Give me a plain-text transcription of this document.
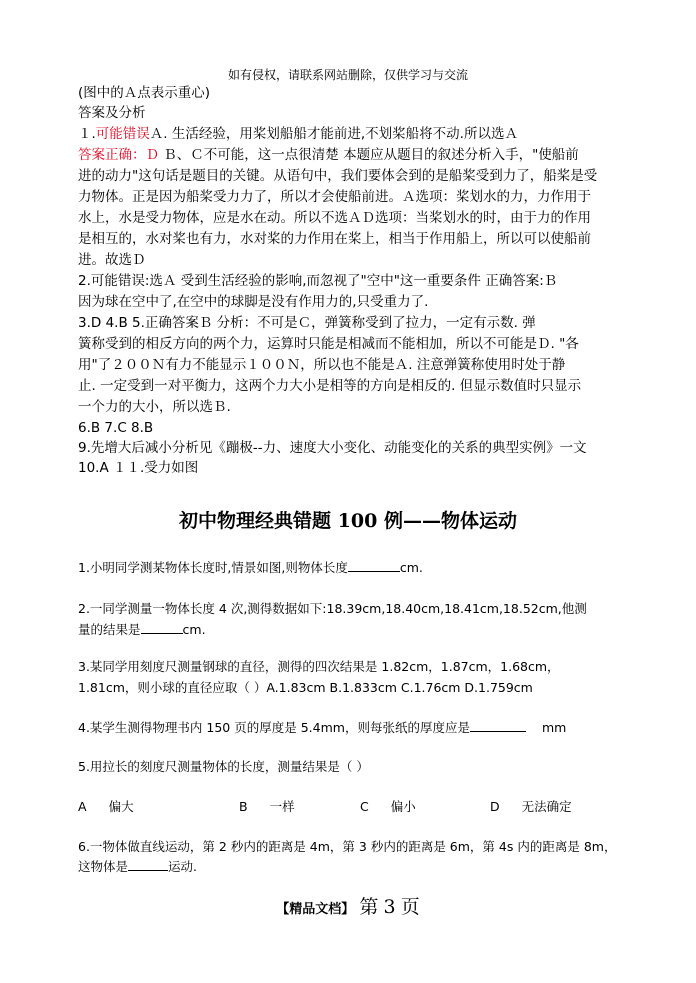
如有侵权，请联系网站删除，仅供学习与交流
(图中的Ａ点表示重心)
答案及分析
１.可能错误Ａ. 生活经验，用桨划船船才能前进,不划桨船将不动.所以选Ａ
答案正确：Ｄ Ｂ、Ｃ不可能，这一点很清楚 本题应从题目的叙述分析入手，"使船前
进的动力"这句话是题目的关键。从语句中，我们要体会到的是船桨受到力了，船桨是受
力物体。正是因为船桨受力力了，所以才会使船前进。Ａ选项：桨划水的力，力作用于
水上，水是受力物体，应是水在动。所以不选ＡＤ选项：当桨划水的时，由于力的作用
是相互的，水对桨也有力，水对桨的力作用在桨上，相当于作用船上，所以可以使船前
进。故选Ｄ
2.可能错误:选Ａ 受到生活经验的影响,而忽视了"空中"这一重要条件 正确答案:Ｂ
因为球在空中了,在空中的球脚是没有作用力的,只受重力了.
3.D 4.B 5.正确答案Ｂ 分析：不可是Ｃ，弹簧称受到了拉力，一定有示数. 弹
簧称受到的相反方向的两个力，运算时只能是相减而不能相加，所以不可能是Ｄ. "各
用"了２００Ｎ有力不能显示１００Ｎ，所以也不能是Ａ. 注意弹簧称使用时处于静
止. 一定受到一对平衡力，这两个力大小是相等的方向是相反的. 但显示数值时只显示
一个力的大小，所以选Ｂ.
6.B 7.C 8.B
9.先增大后减小分析见《蹦极--力、速度大小变化、动能变化的关系的典型实例》一文
10.A １１.受力如图
初中物理经典错题 100 例——物体运动
1.小明同学测某物体长度时,情景如图,则物体长度	cm.
2.一同学测量一物体长度 4 次,测得数据如下:18.39cm,18.40cm,18.41cm,18.52cm,他测
量的结果是	cm.
3.某同学用刻度尺测量钢球的直径，测得的四次结果是 1.82cm，1.87cm，1.68cm，
1.81cm，则小球的直径应取（ ）A.1.83cm B.1.833cm C.1.76cm D.1.759cm
4.某学生测得物理书内 150 页的厚度是 5.4mm，则每张纸的厚度应是	mm
5.用拉长的刻度尺测量物体的长度，测量结果是（ ）
A 偏大	B 一样	C 偏小	D 无法确定
6.一物体做直线运动，第 2 秒内的距离是 4m，第 3 秒内的距离是 6m，第 4s 内的距离是 8m，
这物体是	运动.
【精品文档】 第 3 页
